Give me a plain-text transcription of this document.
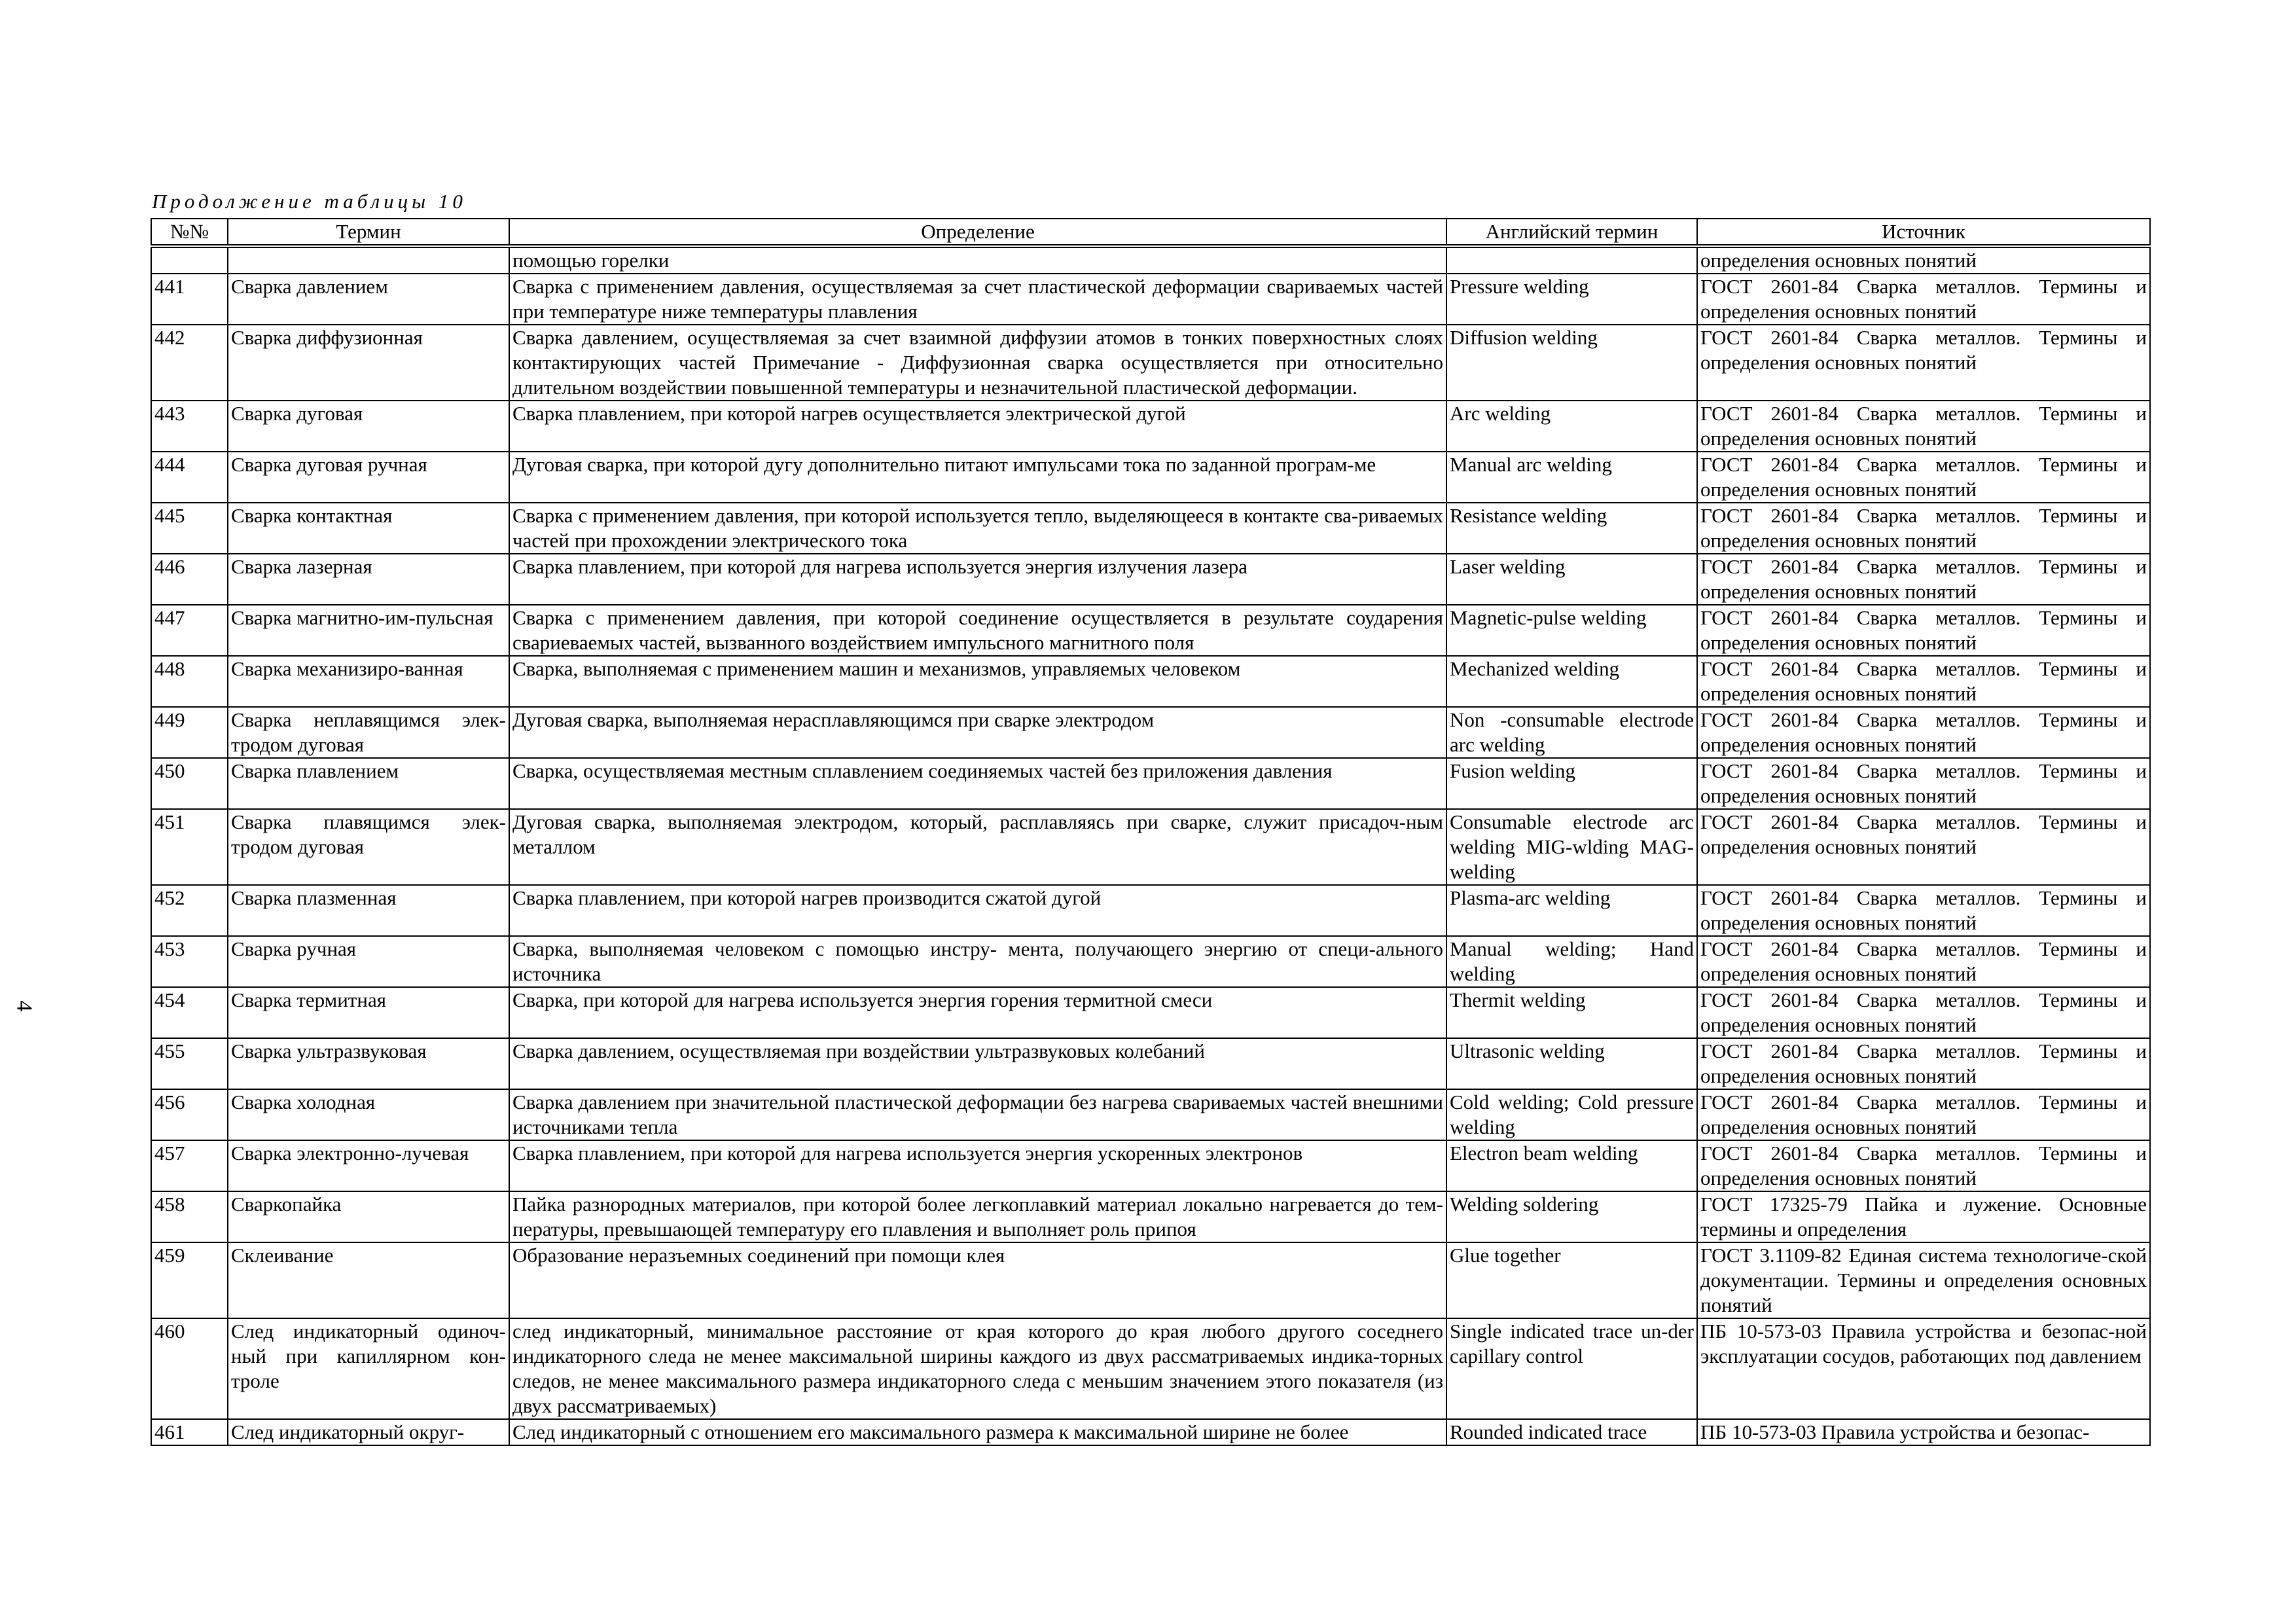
Продолжение таблицы 10
4
№№	Термин	Определение	Английский термин	Источник
		помощью горелки		определения основных понятий
441	Сварка давлением	Сварка с применением давления, осуществляемая за счет пластической деформации свариваемых частей при температуре ниже температуры плавления	Pressure welding	ГОСТ 2601-84 Сварка металлов. Термины и определения основных понятий
442	Сварка диффузионная	Сварка давлением, осуществляемая за счет взаимной диффузии атомов в тонких поверхностных слоях контактирующих частей Примечание - Диффузионная сварка осуществляется при относительно длительном воздействии повышенной температуры и незначительной пластической деформации.	Diffusion welding	ГОСТ 2601-84 Сварка металлов. Термины и определения основных понятий
443	Сварка дуговая	Сварка плавлением, при которой нагрев осуществляется электрической дугой	Arc welding	ГОСТ 2601-84 Сварка металлов. Термины и определения основных понятий
444	Сварка дуговая ручная	Дуговая сварка, при которой дугу дополнительно питают импульсами тока по заданной програм-ме	Manual arc welding	ГОСТ 2601-84 Сварка металлов. Термины и определения основных понятий
445	Сварка контактная	Сварка с применением давления, при которой используется тепло, выделяющееся в контакте сва-риваемых частей при прохождении электрического тока	Resistance welding	ГОСТ 2601-84 Сварка металлов. Термины и определения основных понятий
446	Сварка лазерная	Сварка плавлением, при которой для нагрева используется энергия излучения лазера	Laser welding	ГОСТ 2601-84 Сварка металлов. Термины и определения основных понятий
447	Сварка магнитно-им-пульсная	Сварка с применением давления, при которой соединение осуществляется в результате соударения свариеваемых частей, вызванного воздействием импульсного магнитного поля	Magnetic-pulse welding	ГОСТ 2601-84 Сварка металлов. Термины и определения основных понятий
448	Сварка механизиро-ванная	Сварка, выполняемая с применением машин и механизмов, управляемых человеком	Mechanized welding	ГОСТ 2601-84 Сварка металлов. Термины и определения основных понятий
449	Сварка неплавящимся элек-тродом дуговая	Дуговая сварка, выполняемая нерасплавляющимся при сварке электродом	Non -consumable electrode arc welding	ГОСТ 2601-84 Сварка металлов. Термины и определения основных понятий
450	Сварка плавлением	Сварка, осуществляемая местным сплавлением соединяемых частей без приложения давления	Fusion welding	ГОСТ 2601-84 Сварка металлов. Термины и определения основных понятий
451	Сварка плавящимся элек-тродом дуговая	Дуговая сварка, выполняемая электродом, который, расплавляясь при сварке, служит присадоч-ным металлом	Consumable electrode arc welding MIG-wlding MAG-welding	ГОСТ 2601-84 Сварка металлов. Термины и определения основных понятий
452	Сварка плазменная	Сварка плавлением, при которой нагрев производится сжатой дугой	Plasma-arc welding	ГОСТ 2601-84 Сварка металлов. Термины и определения основных понятий
453	Сварка ручная	Сварка, выполняемая человеком с помощью инстру- мента, получающего энергию от специ-ального источника	Manual welding; Hand welding	ГОСТ 2601-84 Сварка металлов. Термины и определения основных понятий
454	Сварка термитная	Сварка, при которой для нагрева используется энергия горения термитной смеси	Thermit welding	ГОСТ 2601-84 Сварка металлов. Термины и определения основных понятий
455	Сварка ультразвуковая	Сварка давлением, осуществляемая при воздействии ультразвуковых колебаний	Ultrasonic welding	ГОСТ 2601-84 Сварка металлов. Термины и определения основных понятий
456	Сварка холодная	Сварка давлением при значительной пластической деформации без нагрева свариваемых частей внешними источниками тепла	Cold welding; Cold pressure welding	ГОСТ 2601-84 Сварка металлов. Термины и определения основных понятий
457	Сварка электронно-лучевая	Сварка плавлением, при которой для нагрева используется энергия ускоренных электронов	Electron beam welding	ГОСТ 2601-84 Сварка металлов. Термины и определения основных понятий
458	Сваркопайка	Пайка разнородных материалов, при которой более легкоплавкий материал локально нагревается до тем-пературы, превышающей температуру его плавления и выполняет роль припоя	Welding soldering	ГОСТ 17325-79 Пайка и лужение. Основные термины и определения
459	Склеивание	Образование неразъемных соединений при помощи клея	Glue together	ГОСТ 3.1109-82 Единая система технологиче-ской документации. Термины и определения основных понятий
460	След индикаторный одиноч-ный при капиллярном кон-троле	след индикаторный, минимальное расстояние от края которого до края любого другого соседнего индикаторного следа не менее максимальной ширины каждого из двух рассматриваемых индика-торных следов, не менее максимального размера индикаторного следа с меньшим значением этого показателя (из двух рассматриваемых)	Single indicated trace un-der capillary control	ПБ 10-573-03 Правила устройства и безопас-ной эксплуатации сосудов, работающих под давлением
461	След индикаторный округ-	След индикаторный с отношением его максимального размера к максимальной ширине не более	Rounded indicated trace	ПБ 10-573-03 Правила устройства и безопас-
